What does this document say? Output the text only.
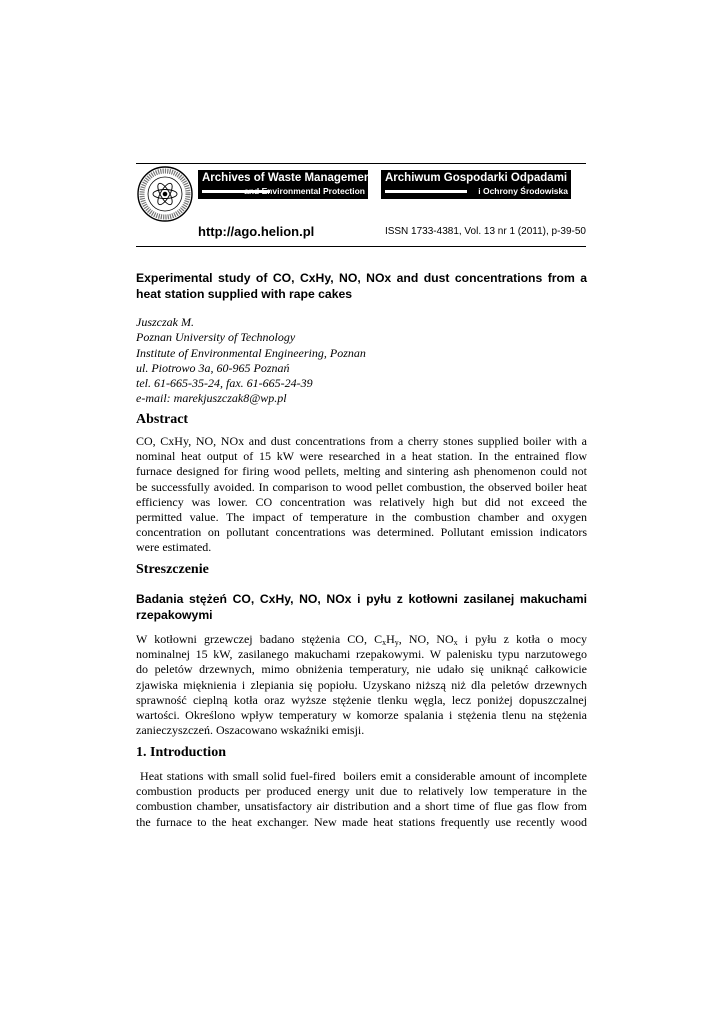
Archives of Waste Management
and Environmental Protection
Archiwum Gospodarki Odpadami
i Ochrony Środowiska
http://ago.helion.pl	ISSN 1733-4381, Vol. 13 nr 1 (2011), p-39-50
Experimental study of CO, CxHy, NO, NOx and dust concentrations from a
heat station supplied with rape cakes
Juszczak M.
Poznan University of Technology
Institute of Environmental Engineering, Poznan
ul. Piotrowo 3a, 60-965 Poznań
tel. 61-665-35-24, fax. 61-665-24-39
e-mail: marekjuszczak8@wp.pl
Abstract
CO, CxHy, NO, NOx and dust concentrations from a cherry stones supplied boiler with a
nominal heat output of 15 kW were researched in a heat station. In the entrained flow
furnace designed for firing wood pellets, melting and sintering ash phenomenon could not
be successfully avoided. In comparison to wood pellet combustion, the observed boiler heat
efficiency was lower. CO concentration was relatively high but did not exceed the
permitted value. The impact of temperature in the combustion chamber and oxygen
concentration on pollutant concentrations was determined. Pollutant emission indicators
were estimated.
Streszczenie
Badania stężeń CO, CxHy, NO, NOx i pyłu z kotłowni zasilanej makuchami
rzepakowymi
W kotłowni grzewczej badano stężenia CO, $C_xH_y$, NO, $NO_x$ i pyłu z kotła o mocy
nominalnej 15 kW, zasilanego makuchami rzepakowymi. W palenisku typu narzutowego
do peletów drzewnych, mimo obniżenia temperatury, nie udało się uniknąć całkowicie
zjawiska mięknienia i zlepiania się popiołu. Uzyskano niższą niż dla peletów drzewnych
sprawność cieplną kotła oraz wyższe stężenie tlenku węgla, lecz poniżej dopuszczalnej
wartości. Określono wpływ temperatury w komorze spalania i stężenia tlenu na stężenia
zanieczyszczeń. Oszacowano wskaźniki emisji.
1. Introduction
Heat stations with small solid fuel-fired  boilers emit a considerable amount of incomplete
combustion products per produced energy unit due to relatively low temperature in the
combustion chamber, unsatisfactory air distribution and a short time of flue gas flow from
the furnace to the heat exchanger. New made heat stations frequently use recently wood
